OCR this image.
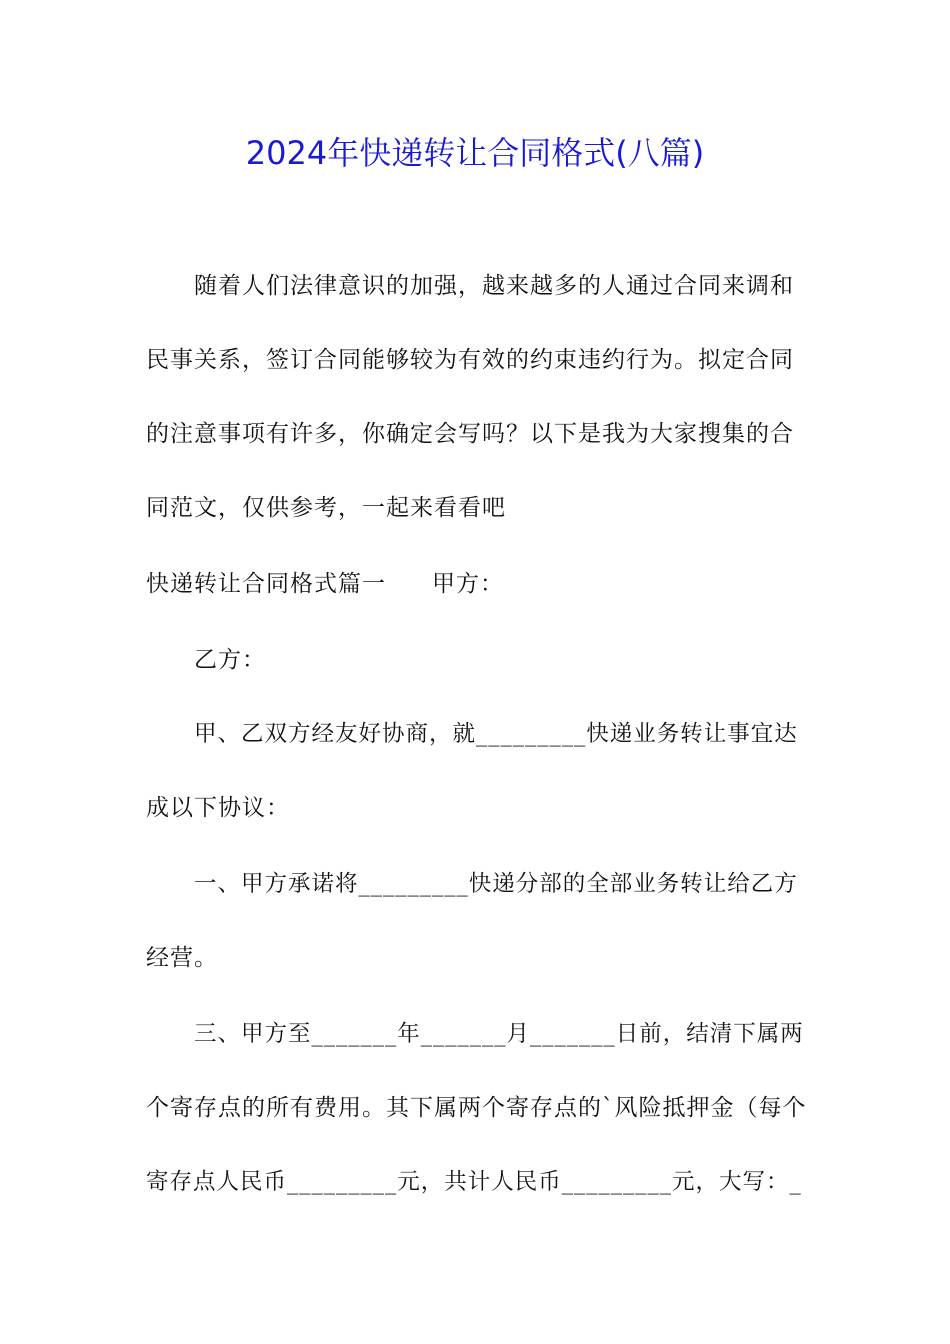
2024年快递转让合同格式(八篇)
随着人们法律意识的加强，越来越多的人通过合同来调和
民事关系，签订合同能够较为有效的约束违约行为。拟定合同
的注意事项有许多，你确定会写吗？以下是我为大家搜集的合
同范文，仅供参考，一起来看看吧
快递转让合同格式篇一 甲方：
乙方：
甲、乙双方经友好协商，就_________快递业务转让事宜达
成以下协议：
一、甲方承诺将_________快递分部的全部业务转让给乙方
经营。
三、甲方至_______年_______月_______日前，结清下属两
个寄存点的所有费用。其下属两个寄存点的`风险抵押金（每个
寄存点人民币_________元，共计人民币_________元，大写：_
